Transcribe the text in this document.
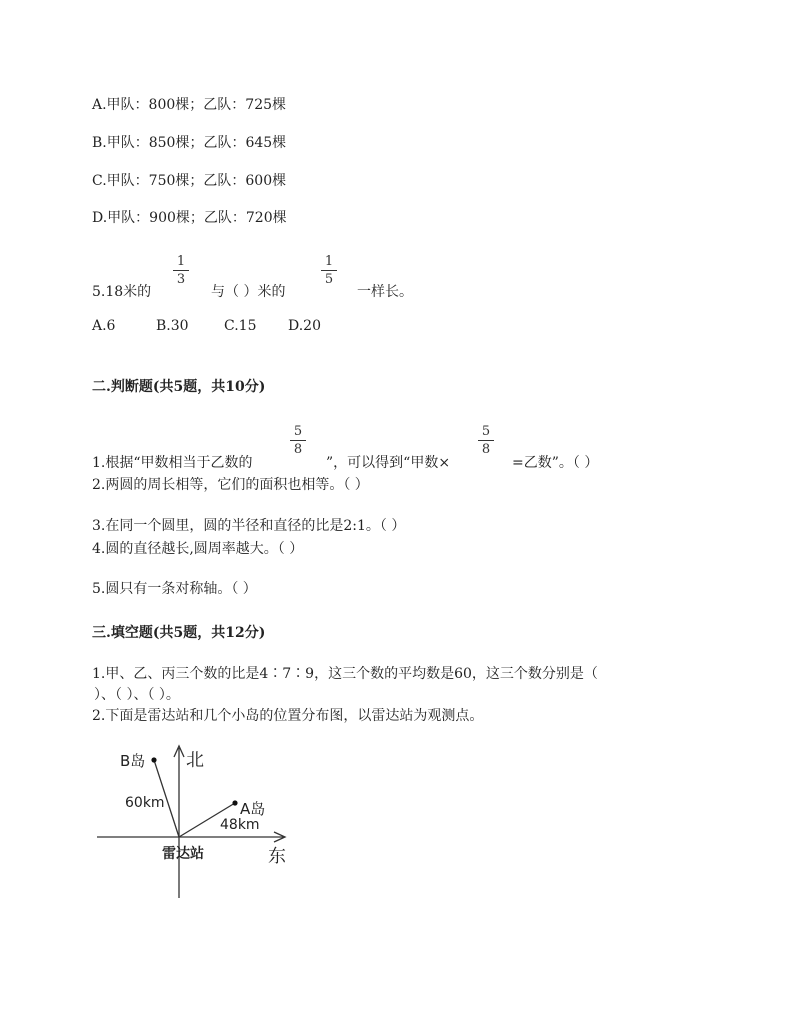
A.甲队：800棵；乙队：725棵
B.甲队：850棵；乙队：645棵
C.甲队：750棵；乙队：600棵
D.甲队：900棵；乙队：720棵
5.18米的
1
3
与（ ）米的
1
5
一样长。
A.6	B.30	C.15 D.20
二.判断题(共5题，共10分)
1.根据“甲数相当于乙数的
5
8
”，可以得到“甲数×
5
8
=乙数”。（ ）
2.两圆的周长相等，它们的面积也相等。（ ）
3.在同一个圆里，圆的半径和直径的比是2:1。（ ）
4.圆的直径越长,圆周率越大。（ ）
5.圆只有一条对称轴。（ ）
三.填空题(共5题，共12分)
1.甲、乙、丙三个数的比是4∶7∶9，这三个数的平均数是60，这三个数分别是（
）、（ ）、（ ）。
2.下面是雷达站和几个小岛的位置分布图，以雷达站为观测点。
北
东
B岛
A岛
60km
48km
雷达站
